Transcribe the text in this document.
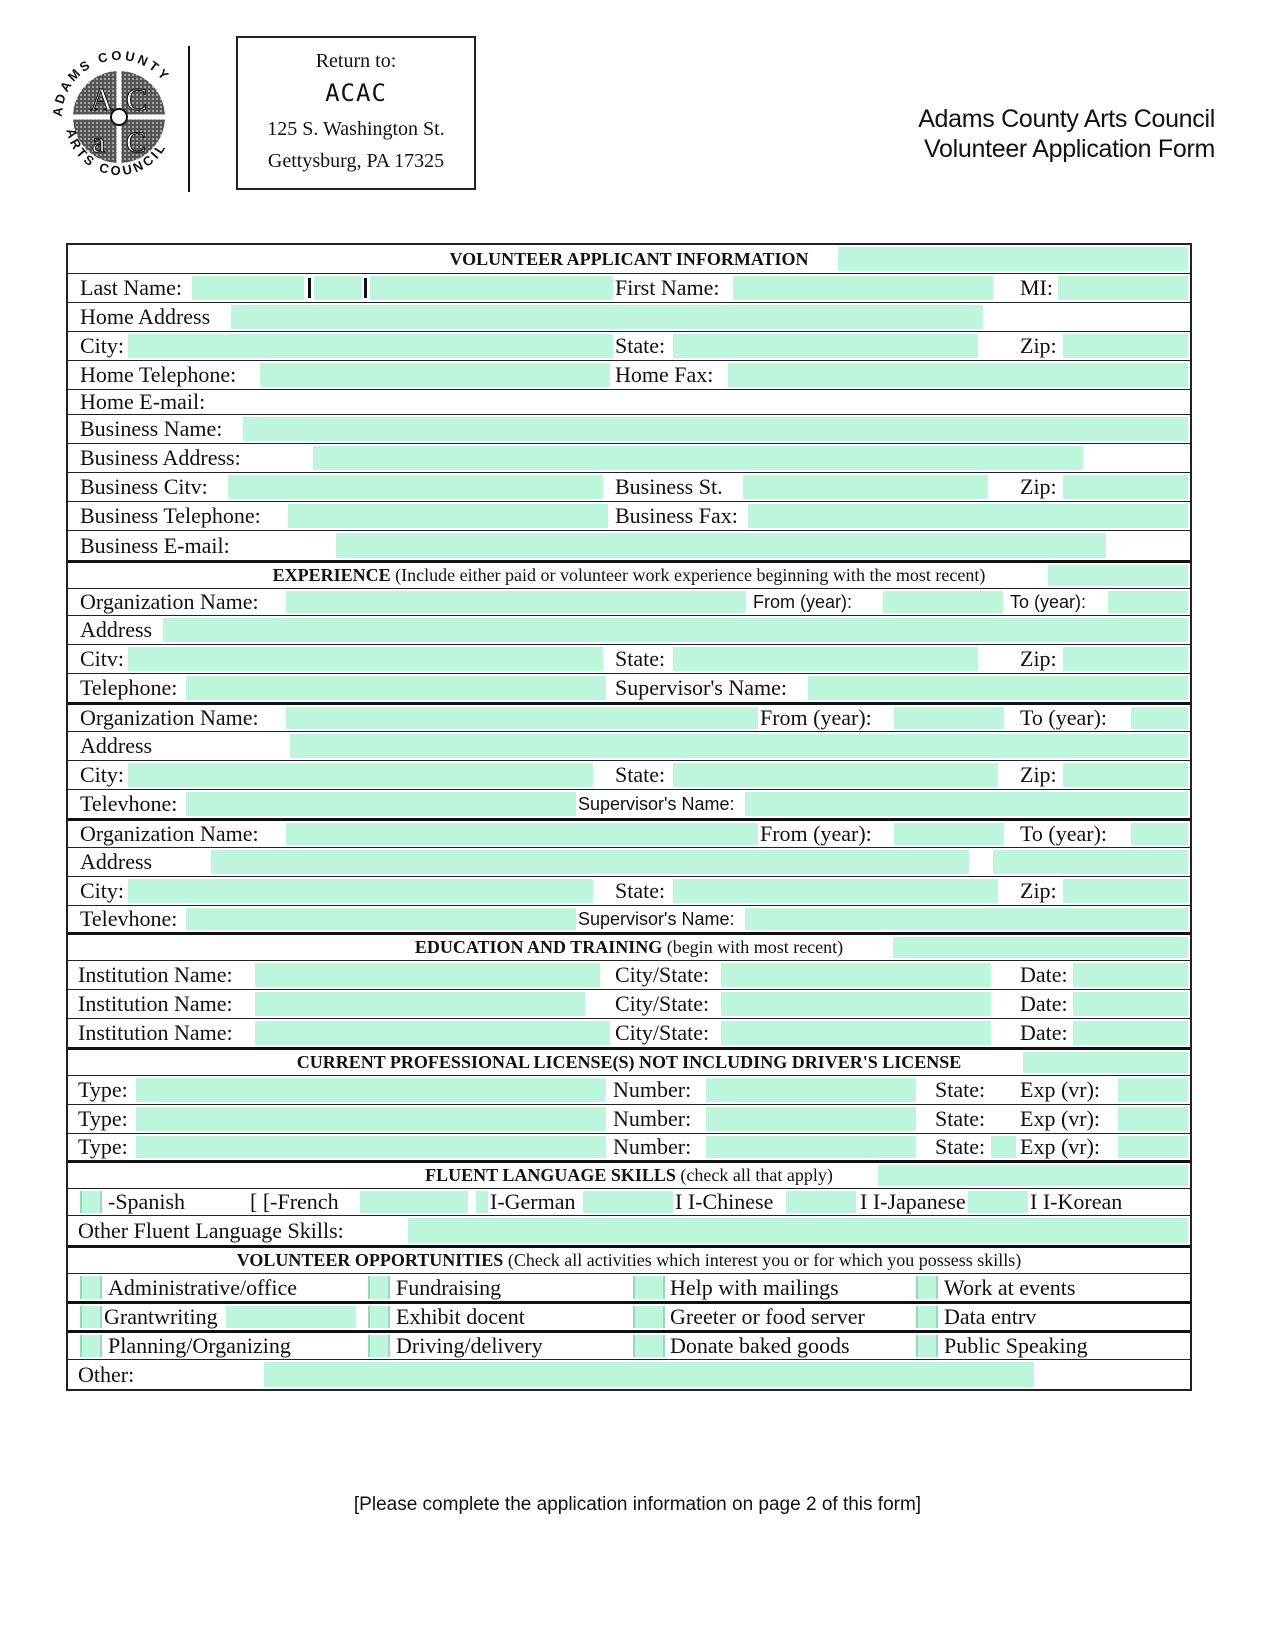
A C
a C
ADAMS COUNTY
ARTS COUNCIL
Return to:
ACAC
125 S. Washington St.
Gettysburg, PA 17325
Adams County Arts Council
Volunteer Application Form
VOLUNTEER APPLICANT INFORMATION
Last Name:	First Name:	MI:
Home Address
City:	State:	Zip:
Home Telephone:	Home Fax:
Home E-mail:
Business Name:
Business Address:
Business Citv:	Business St.	Zip:
Business Telephone:	Business Fax:
Business E-mail:
EXPERIENCE (Include either paid or volunteer work experience beginning with the most recent)
Organization Name:	From (year):	To (year):
Address
Citv:	State:	Zip:
Telephone:	Supervisor's Name:
Organization Name:	From (year):	To (year):
Address
City:	State:	Zip:
Televhone:	Supervisor's Name:
Organization Name:	From (year):	To (year):
Address
City:	State:	Zip:
Televhone:	Supervisor's Name:
EDUCATION AND TRAINING (begin with most recent)
Institution Name:	City/State:	Date:
Institution Name:	City/State:	Date:
Institution Name:	City/State:	Date:
CURRENT PROFESSIONAL LICENSE(S) NOT INCLUDING DRIVER'S LICENSE
Type:	Number:	State: Exp (vr):
Type:	Number:	State: Exp (vr):
Type:	Number:	State: Exp (vr):
FLUENT LANGUAGE SKILLS (check all that apply)
-Spanish	[ [-French	I-German	I I-Chinese	I I-Japanese	I I-Korean
Other Fluent Language Skills:
VOLUNTEER OPPORTUNITIES (Check all activities which interest you or for which you possess skills)
Administrative/office	Fundraising	Help with mailings	Work at events
Grantwriting	Exhibit docent	Greeter or food server	Data entrv
Planning/Organizing	Driving/delivery	Donate baked goods	Public Speaking
Other:
[Please complete the application information on page 2 of this form]
